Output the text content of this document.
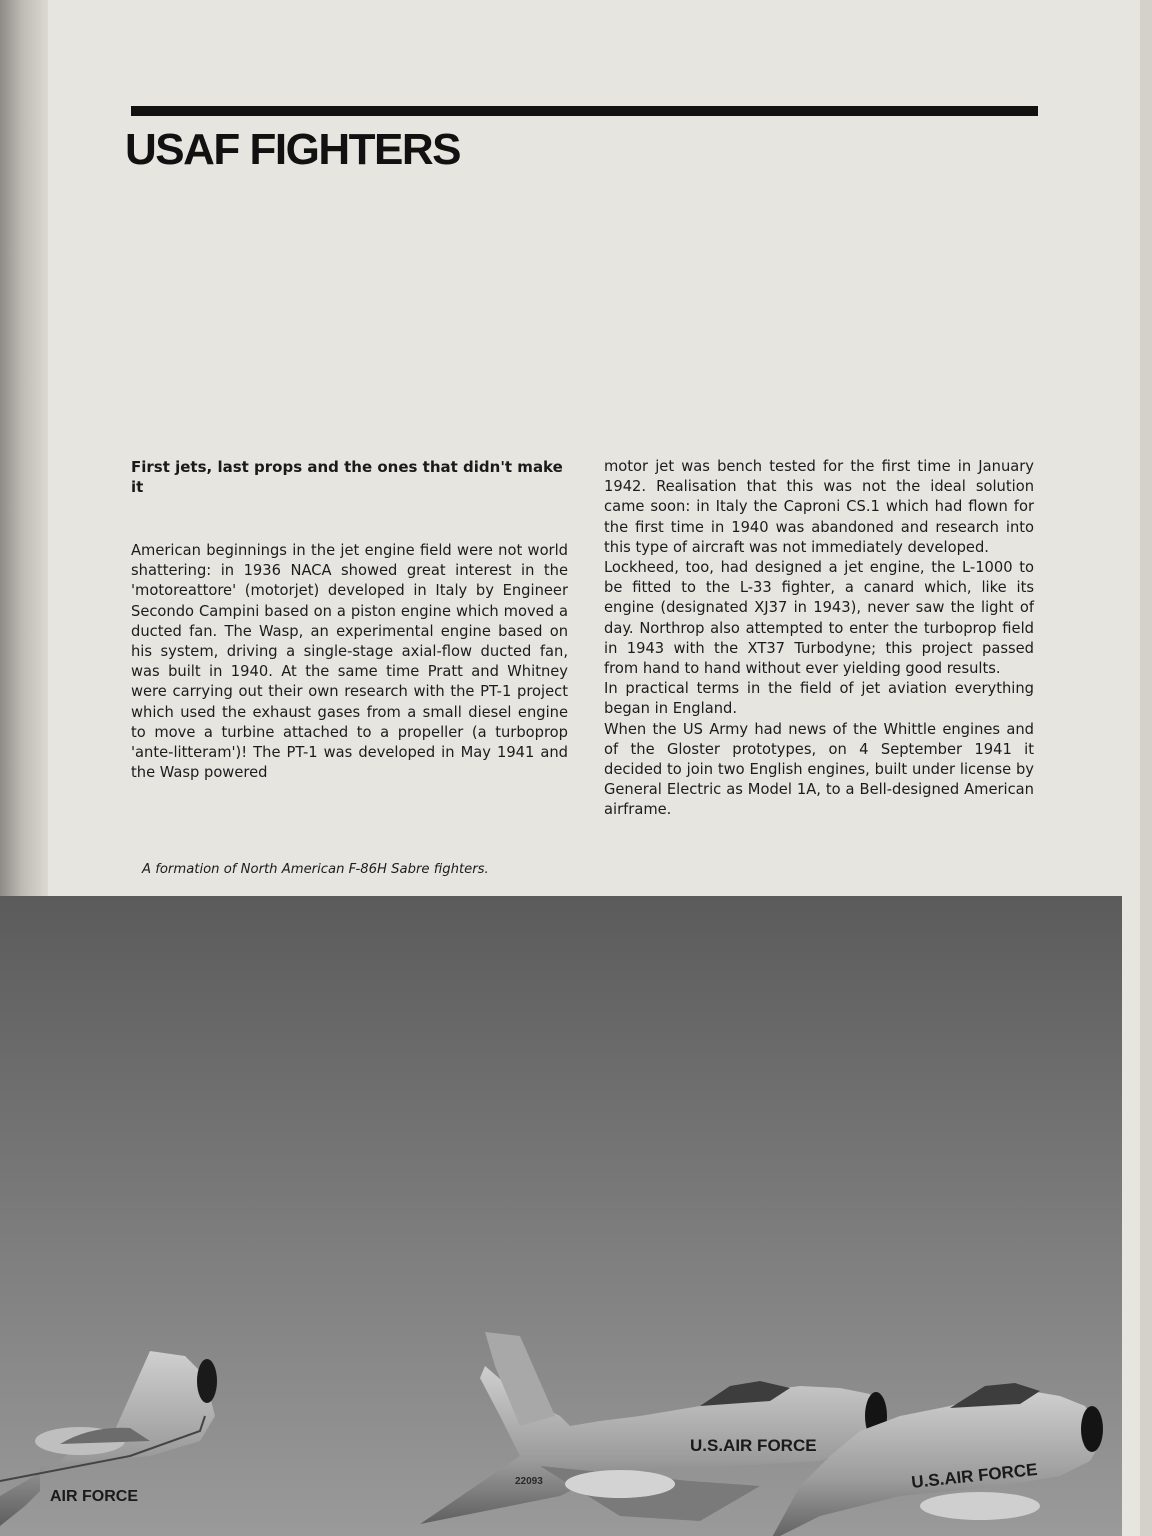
USAF FIGHTERS
First jets, last props and the ones that didn't make it

American beginnings in the jet engine field were not world shattering: in 1936 NACA showed great interest in the 'motoreattore' (motorjet) developed in Italy by Engineer Secondo Campini based on a piston engine which moved a ducted fan. The Wasp, an experimental engine based on his system, driving a single-stage axial-flow ducted fan, was built in 1940. At the same time Pratt and Whitney were carrying out their own research with the PT-1 project which used the exhaust gases from a small diesel engine to move a turbine attached to a propeller (a turboprop 'ante-litteram')! The PT-1 was developed in May 1941 and the Wasp powered

motor jet was bench tested for the first time in January 1942. Realisation that this was not the ideal solution came soon: in Italy the Caproni CS.1 which had flown for the first time in 1940 was abandoned and research into this type of aircraft was not immediately developed.

Lockheed, too, had designed a jet engine, the L-1000 to be fitted to the L-33 fighter, a canard which, like its engine (designated XJ37 in 1943), never saw the light of day. Northrop also attempted to enter the turboprop field in 1943 with the XT37 Turbodyne; this project passed from hand to hand without ever yielding good results.

In practical terms in the field of jet aviation everything began in England.

When the US Army had news of the Whittle engines and of the Gloster prototypes, on 4 September 1941 it decided to join two English engines, built under license by General Electric as Model 1A, to a Bell-designed American airframe.

A formation of North American F-86H Sabre fighters.

AIR FORCE
22093
U.S.AIR FORCE
U.S.AIR FORCE
